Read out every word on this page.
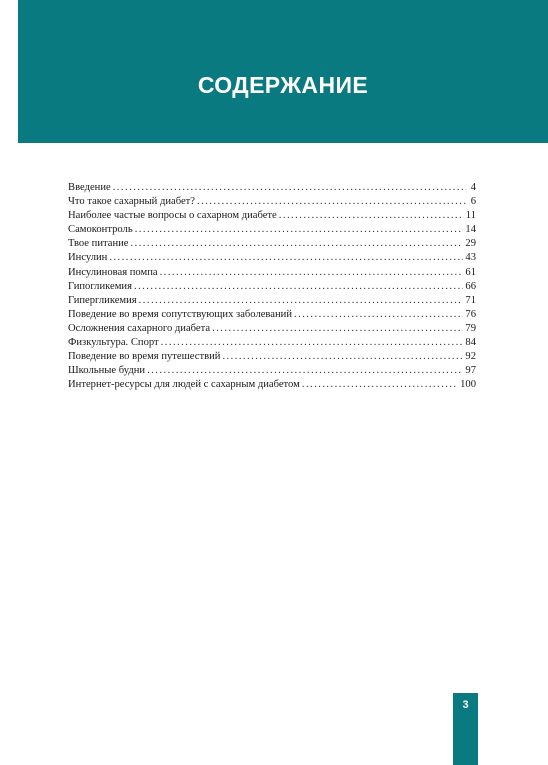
СОДЕРЖАНИЕ
Введение . . .	4
Что такое сахарный диабет? . . .	6
Наиболее частые вопросы о сахарном диабете . . .	11
Самоконтроль . . .	14
Твое питание . . .	29
Инсулин . . .	43
Инсулиновая помпа . . .	61
Гипогликемия . . .	66
Гипергликемия . . .	71
Поведение во время сопутствующих заболеваний . . .	76
Осложнения сахарного диабета . . .	79
Физкультура. Спорт . . .	84
Поведение во время путешествий . . .	92
Школьные будни . . .	97
Интернет-ресурсы для людей с сахарным диабетом . . .	100
3
